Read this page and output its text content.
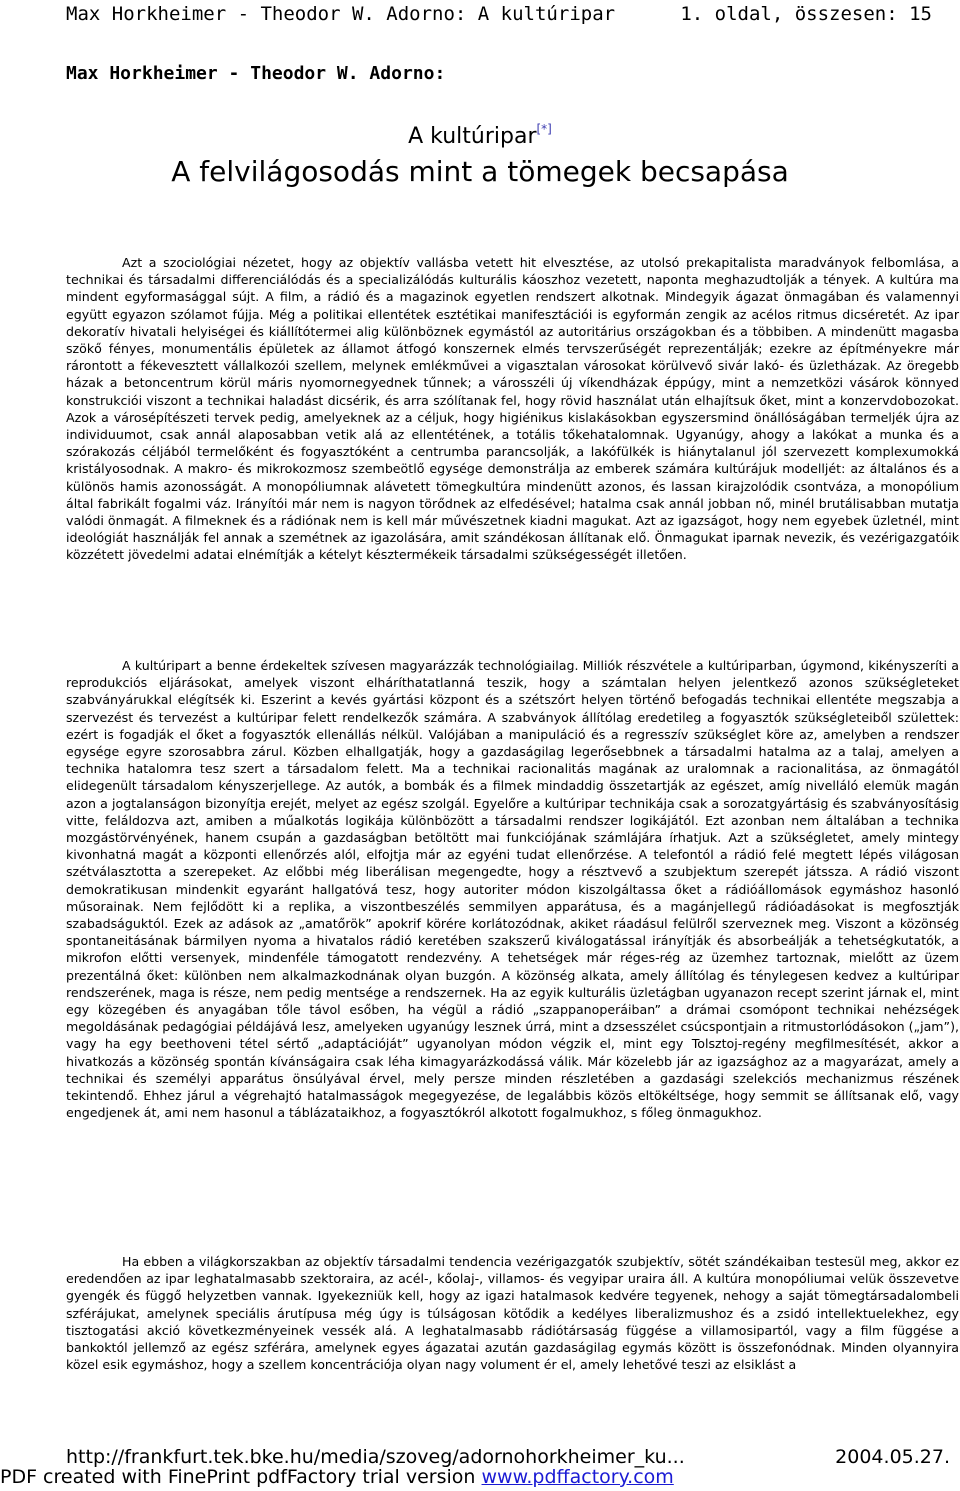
Max Horkheimer - Theodor W. Adorno: A kultúripar	1. oldal, összesen: 15
Max Horkheimer - Theodor W. Adorno:
A kultúripar[*]
A felvilágosodás mint a tömegek becsapása

Azt a szociológiai nézetet, hogy az objektív vallásba vetett hit elvesztése, az utolsó prekapitalista maradványok felbomlása, a technikai és társadalmi differenciálódás és a specializálódás kulturális káoszhoz vezetett, naponta meghazudtolják a tények. A kultúra ma mindent egyformasággal sújt. A film, a rádió és a magazinok egyetlen rendszert alkotnak. Mindegyik ágazat önmagában és valamennyi együtt egyazon szólamot fújja. Még a politikai ellentétek esztétikai manifesztációi is egyformán zengik az acélos ritmus dicséretét. Az ipar dekoratív hivatali helyiségei és kiállítótermei alig különböznek egymástól az autoritárius országokban és a többiben. A mindenütt magasba szökő fényes, monumentális épületek az államot átfogó konszernek elmés tervszerűségét reprezentálják; ezekre az építményekre már rárontott a fékevesztett vállalkozói szellem, melynek emlékművei a vigasztalan városokat körülvevő sivár lakó- és üzletházak. Az öregebb házak a betoncentrum körül máris nyomornegyednek tűnnek; a városszéli új víkendházak éppúgy, mint a nemzetközi vásárok könnyed konstrukciói viszont a technikai haladást dicsérik, és arra szólítanak fel, hogy rövid használat után elhajítsuk őket, mint a konzervdobozokat. Azok a városépítészeti tervek pedig, amelyeknek az a céljuk, hogy higiénikus kislakásokban egyszersmind önállóságában termeljék újra az individuumot, csak annál alaposabban vetik alá az ellentétének, a totális tőkehatalomnak. Ugyanúgy, ahogy a lakókat a munka és a szórakozás céljából termelőként és fogyasztóként a centrumba parancsolják, a lakófülkék is hiánytalanul jól szervezett komplexumokká kristályosodnak. A makro- és mikrokozmosz szembeötlő egysége demonstrálja az emberek számára kultúrájuk modelljét: az általános és a különös hamis azonosságát. A monopóliumnak alávetett tömegkultúra mindenütt azonos, és lassan kirajzolódik csontváza, a monopólium által fabrikált fogalmi váz. Irányítói már nem is nagyon törődnek az elfedésével; hatalma csak annál jobban nő, minél brutálisabban mutatja valódi önmagát. A filmeknek és a rádiónak nem is kell már művészetnek kiadni magukat. Azt az igazságot, hogy nem egyebek üzletnél, mint ideológiát használják fel annak a szemétnek az igazolására, amit szándékosan állítanak elő. Önmagukat iparnak nevezik, és vezérigazgatóik közzétett jövedelmi adatai elnémítják a kételyt késztermékeik társadalmi szükségességét illetően.

A kultúripart a benne érdekeltek szívesen magyarázzák technológiailag. Milliók részvétele a kultúriparban, úgymond, kikényszeríti a reprodukciós eljárásokat, amelyek viszont elháríthatatlanná teszik, hogy a számtalan helyen jelentkező azonos szükségleteket szabványárukkal elégítsék ki. Eszerint a kevés gyártási központ és a szétszórt helyen történő befogadás technikai ellentéte megszabja a szervezést és tervezést a kultúripar felett rendelkezők számára. A szabványok állítólag eredetileg a fogyasztók szükségleteiből születtek: ezért is fogadják el őket a fogyasztók ellenállás nélkül. Valójában a manipuláció és a regresszív szükséglet köre az, amelyben a rendszer egysége egyre szorosabbra zárul. Közben elhallgatják, hogy a gazdaságilag legerősebbnek a társadalmi hatalma az a talaj, amelyen a technika hatalomra tesz szert a társadalom felett. Ma a technikai racionalitás magának az uralomnak a racionalitása, az önmagától elidegenült társadalom kényszerjellege. Az autók, a bombák és a filmek mindaddig összetartják az egészet, amíg nivelláló elemük magán azon a jogtalanságon bizonyítja erejét, melyet az egész szolgál. Egyelőre a kultúripar technikája csak a sorozatgyártásig és szabványosításig vitte, feláldozva azt, amiben a műalkotás logikája különbözött a társadalmi rendszer logikájától. Ezt azonban nem általában a technika mozgástörvényének, hanem csupán a gazdaságban betöltött mai funkciójának számlájára írhatjuk. Azt a szükségletet, amely mintegy kivonhatná magát a központi ellenőrzés alól, elfojtja már az egyéni tudat ellenőrzése. A telefontól a rádió felé megtett lépés világosan szétválasztotta a szerepeket. Az előbbi még liberálisan megengedte, hogy a résztvevő a szubjektum szerepét játssza. A rádió viszont demokratikusan mindenkit egyaránt hallgatóvá tesz, hogy autoriter módon kiszolgáltassa őket a rádióállomások egymáshoz hasonló műsorainak. Nem fejlődött ki a replika, a viszontbeszélés semmilyen apparátusa, és a magánjellegű rádióadásokat is megfosztják szabadságuktól. Ezek az adások az „amatőrök” apokrif körére korlátozódnak, akiket ráadásul felülről szerveznek meg. Viszont a közönség spontaneitásának bármilyen nyoma a hivatalos rádió keretében szakszerű kiválogatással irányítják és absorbeálják a tehetségkutatók, a mikrofon előtti versenyek, mindenféle támogatott rendezvény. A tehetségek már réges-rég az üzemhez tartoznak, mielőtt az üzem prezentálná őket: különben nem alkalmazkodnának olyan buzgón. A közönség alkata, amely állítólag és ténylegesen kedvez a kultúripar rendszerének, maga is része, nem pedig mentsége a rendszernek. Ha az egyik kulturális üzletágban ugyanazon recept szerint járnak el, mint egy közegében és anyagában tőle távol esőben, ha végül a rádió „szappanoperáiban” a drámai csomópont technikai nehézségek megoldásának pedagógiai példájává lesz, amelyeken ugyanúgy lesznek úrrá, mint a dzsesszélet csúcspontjain a ritmustorlódásokon („jam”), vagy ha egy beethoveni tétel sértő „adaptációját” ugyanolyan módon végzik el, mint egy Tolsztoj-regény megfilmesítését, akkor a hivatkozás a közönség spontán kívánságaira csak léha kimagyarázkodássá válik. Már közelebb jár az igazsághoz az a magyarázat, amely a technikai és személyi apparátus önsúlyával érvel, mely persze minden részletében a gazdasági szelekciós mechanizmus részének tekintendő. Ehhez járul a végrehajtó hatalmasságok megegyezése, de legalábbis közös eltökéltsége, hogy semmit se állítsanak elő, vagy engedjenek át, ami nem hasonul a táblázataikhoz, a fogyasztókról alkotott fogalmukhoz, s főleg önmagukhoz.

Ha ebben a világkorszakban az objektív társadalmi tendencia vezérigazgatók szubjektív, sötét szándékaiban testesül meg, akkor ez eredendően az ipar leghatalmasabb szektoraira, az acél-, kőolaj-, villamos- és vegyipar uraira áll. A kultúra monopóliumai velük összevetve gyengék és függő helyzetben vannak. Igyekezniük kell, hogy az igazi hatalmasok kedvére tegyenek, nehogy a saját tömegtársadalombeli szférájukat, amelynek speciális árutípusa még úgy is túlságosan kötődik a kedélyes liberalizmushoz és a zsidó intellektuelekhez, egy tisztogatási akció következményeinek vessék alá. A leghatalmasabb rádiótársaság függése a villamosipartól, vagy a film függése a bankoktól jellemző az egész szférára, amelynek egyes ágazatai azután gazdaságilag egymás között is összefonódnak. Minden olyannyira közel esik egymáshoz, hogy a szellem koncentrációja olyan nagy volument ér el, amely lehetővé teszi az elsiklást a

http://frankfurt.tek.bke.hu/media/szoveg/adornohorkheimer_ku...	2004.05.27.
PDF created with FinePrint pdfFactory trial version www.pdffactory.com
